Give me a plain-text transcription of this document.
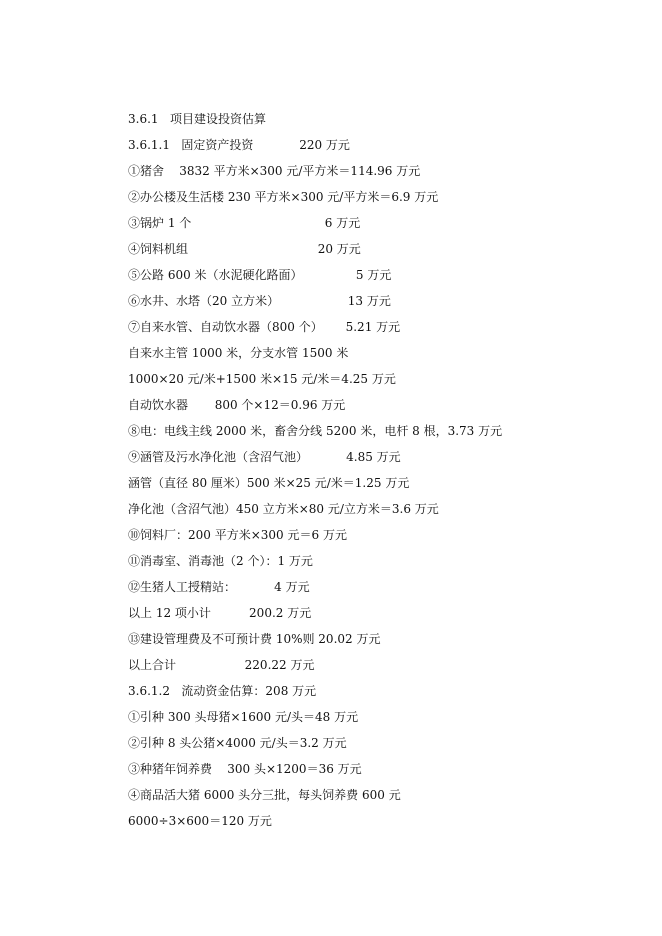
3.6.1   项目建设投资估算
3.6.1.1   固定资产投资            220 万元
①猪舍    3832 平方米×300 元/平方米＝114.96 万元
②办公楼及生活楼 230 平方米×300 元/平方米＝6.9 万元
③锅炉 1 个                                   6 万元
④饲料机组                                  20 万元
⑤公路 600 米（水泥硬化路面）              5 万元
⑥水井、水塔（20 立方米）                  13 万元
⑦自来水管、自动饮水器（800 个）      5.21 万元
自来水主管 1000 米，分支水管 1500 米
1000×20 元/米+1500 米×15 元/米＝4.25 万元
自动饮水器       800 个×12＝0.96 万元
⑧电：电线主线 2000 米，畜舍分线 5200 米，电杆 8 根，3.73 万元
⑨涵管及污水净化池（含沼气池）          4.85 万元
涵管（直径 80 厘米）500 米×25 元/米＝1.25 万元
净化池（含沼气池）450 立方米×80 元/立方米＝3.6 万元
⑩饲料厂：200 平方米×300 元＝6 万元
⑪消毒室、消毒池（2 个）：1 万元
⑫生猪人工授精站：          4 万元
以上 12 项小计          200.2 万元
⑬建设管理费及不可预计费 10%则 20.02 万元
以上合计                  220.22 万元
3.6.1.2   流动资金估算：208 万元
①引种 300 头母猪×1600 元/头＝48 万元
②引种 8 头公猪×4000 元/头＝3.2 万元
③种猪年饲养费    300 头×1200＝36 万元
④商品活大猪 6000 头分三批，每头饲养费 600 元
6000÷3×600＝120 万元
